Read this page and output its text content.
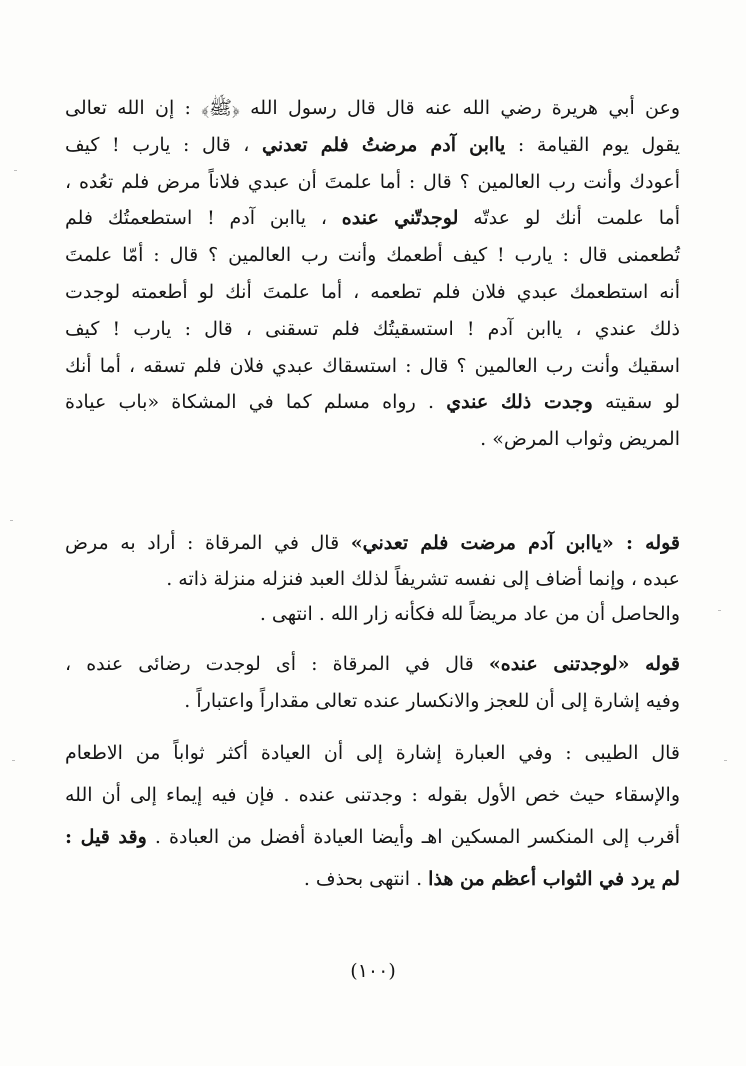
وعن أبي هريرة رضي الله عنه قال قال رسول الله ﴿ﷺ﴾ : إن الله تعالى
يقول يوم القيامة : ياابن آدم مرضتُ فلم تعدني ، قال : يارب ! كيف
أعودك وأنت رب العالمين ؟ قال : أما علمتَ أن عبدي فلاناً مرض فلم تعُده ،
أما علمت أنك لو عدتّه لوجدتّني عنده ، ياابن آدم ! استطعمتُك فلم
تُطعمنى قال : يارب ! كيف أطعمك وأنت رب العالمين ؟ قال : أمّا علمتَ
أنه استطعمك عبدي فلان فلم تطعمه ، أما علمتَ أنك لو أطعمته لوجدت
ذلك عندي ، ياابن آدم ! استسقيتُك فلم تسقنى ، قال : يارب ! كيف
اسقيك وأنت رب العالمين ؟ قال : استسقاك عبدي فلان فلم تسقه ، أما أنك
لو سقيته وجدت ذلك عندي . رواه مسلم كما في المشكاة «باب عيادة
المريض وثواب المرض» .
قوله : «ياابن آدم مرضت فلم تعدني» قال في المرقاة : أراد به مرض
عبده ، وإنما أضاف إلى نفسه تشريفاً لذلك العبد فنزله منزلة ذاته .
والحاصل أن من عاد مريضاً لله فكأنه زار الله . انتهى .
قوله «لوجدتنى عنده» قال في المرقاة : أى لوجدت رضائى عنده ،
وفيه إشارة إلى أن للعجز والانكسار عنده تعالى مقداراً واعتباراً .
قال الطيبى : وفي العبارة إشارة إلى أن العيادة أكثر ثواباً من الاطعام
والإسقاء حيث خص الأول بقوله : وجدتنى عنده . فإن فيه إيماء إلى أن الله
أقرب إلى المنكسر المسكين اهـ وأيضا العيادة أفضل من العبادة . وقد قيل :
لم يرد في الثواب أعظم من هذا . انتهى بحذف .
(١٠٠)
